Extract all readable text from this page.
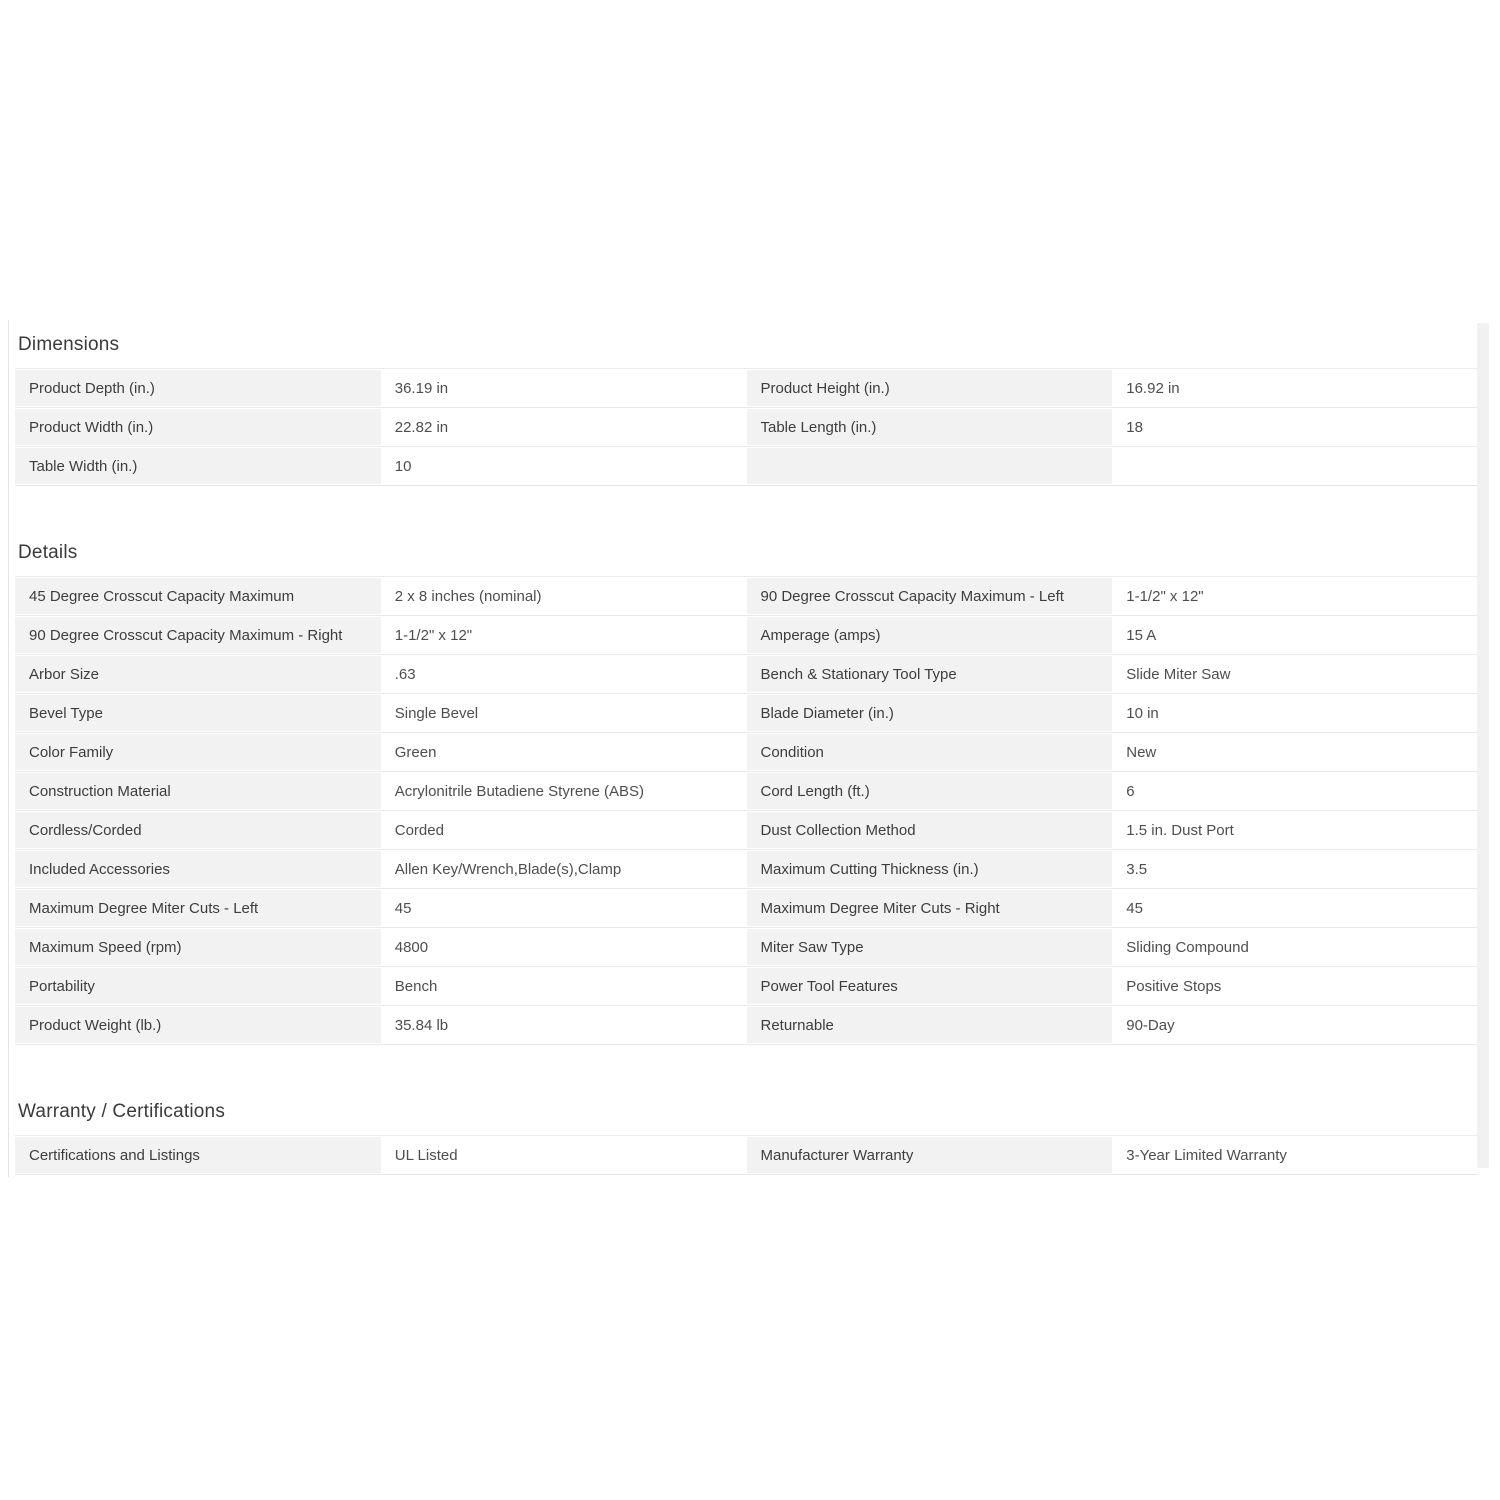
Dimensions
Product Depth (in.)	36.19 in	Product Height (in.)	16.92 in
Product Width (in.)	22.82 in	Table Length (in.)	18
Table Width (in.)	10
Details
45 Degree Crosscut Capacity Maximum	2 x 8 inches (nominal)	90 Degree Crosscut Capacity Maximum - Left	1-1/2" x 12"
90 Degree Crosscut Capacity Maximum - Right	1-1/2" x 12"	Amperage (amps)	15 A
Arbor Size	.63	Bench & Stationary Tool Type	Slide Miter Saw
Bevel Type	Single Bevel	Blade Diameter (in.)	10 in
Color Family	Green	Condition	New
Construction Material	Acrylonitrile Butadiene Styrene (ABS)	Cord Length (ft.)	6
Cordless/Corded	Corded	Dust Collection Method	1.5 in. Dust Port
Included Accessories	Allen Key/Wrench,Blade(s),Clamp	Maximum Cutting Thickness (in.)	3.5
Maximum Degree Miter Cuts - Left	45	Maximum Degree Miter Cuts - Right	45
Maximum Speed (rpm)	4800	Miter Saw Type	Sliding Compound
Portability	Bench	Power Tool Features	Positive Stops
Product Weight (lb.)	35.84 lb	Returnable	90-Day
Warranty / Certifications
Certifications and Listings	UL Listed	Manufacturer Warranty	3-Year Limited Warranty
